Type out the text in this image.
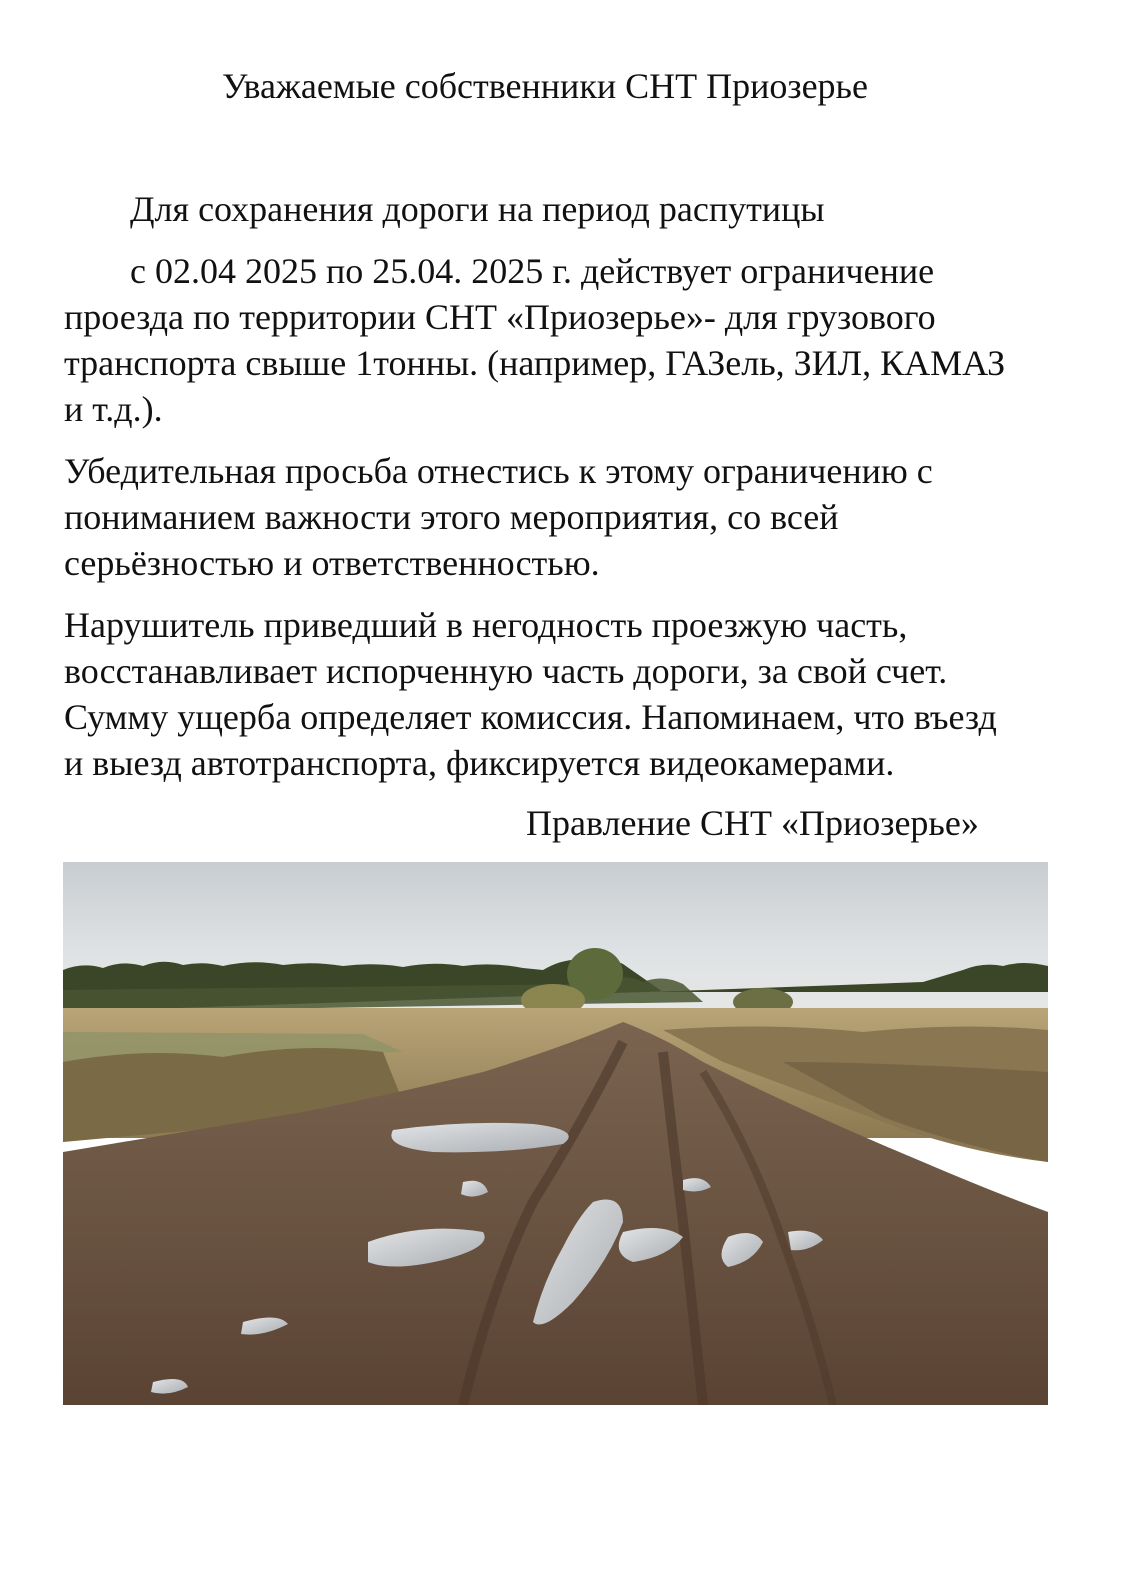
Уважаемые собственники СНТ Приозерье

Для сохранения дороги на период распутицы

с 02.04 2025 по 25.04. 2025 г. действует ограничение
проезда по территории СНТ «Приозерье»- для грузового
транспорта свыше 1тонны. (например, ГАЗель, ЗИЛ, КАМАЗ
и т.д.).

Убедительная просьба отнестись к этому ограничению с
пониманием важности этого мероприятия, со всей
серьёзностью и ответственностью.

Нарушитель приведший в негодность проезжую часть,
восстанавливает испорченную часть дороги, за свой счет.
Сумму ущерба определяет комиссия. Напоминаем, что въезд
и выезд автотранспорта, фиксируется видеокамерами.

Правление СНТ «Приозерье»
